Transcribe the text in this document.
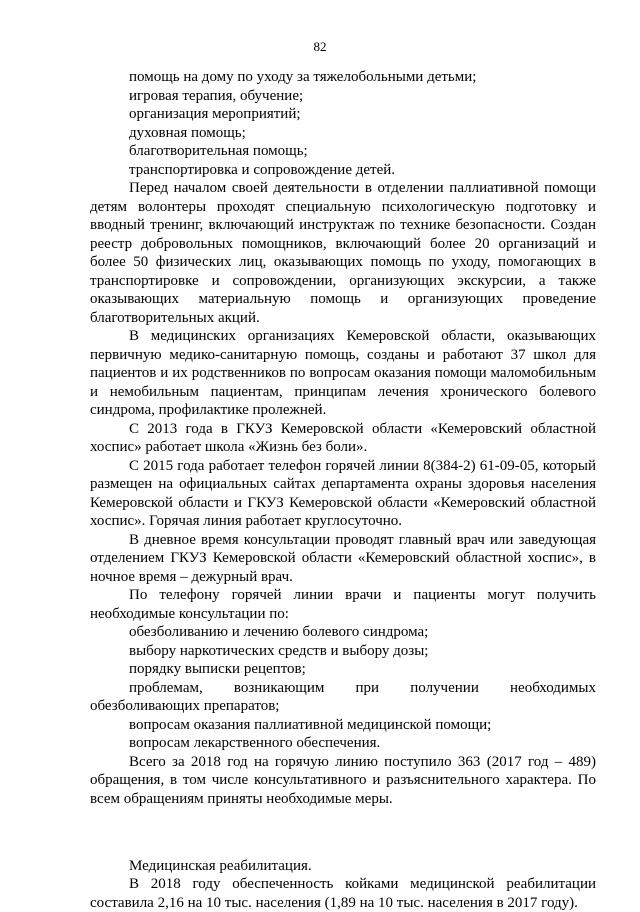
82

помощь на дому по уходу за тяжелобольными детьми;

игровая терапия, обучение;

организация мероприятий;

духовная помощь;

благотворительная помощь;

транспортировка и сопровождение детей.

Перед началом своей деятельности в отделении паллиативной помощи детям волонтеры проходят специальную психологическую подготовку и вводный тренинг, включающий инструктаж по технике безопасности. Создан реестр добровольных помощников, включающий более 20 организаций и более 50 физических лиц, оказывающих помощь по уходу, помогающих в транспортировке и сопровождении, организующих экскурсии, а также оказывающих материальную помощь и организующих проведение благотворительных акций.

В медицинских организациях Кемеровской области, оказывающих первичную медико-санитарную помощь, созданы и работают 37 школ для пациентов и их родственников по вопросам оказания помощи маломобильным и немобильным пациентам, принципам лечения хронического болевого синдрома, профилактике пролежней.

С 2013 года в ГКУЗ Кемеровской области «Кемеровский областной хоспис» работает школа «Жизнь без боли».

С 2015 года работает телефон горячей линии 8(384-2) 61-09-05, который размещен на официальных сайтах департамента охраны здоровья населения Кемеровской области и ГКУЗ Кемеровской области «Кемеровский областной хоспис». Горячая линия работает круглосуточно.

В дневное время консультации проводят главный врач или заведующая отделением ГКУЗ Кемеровской области «Кемеровский областной хоспис», в ночное время – дежурный врач.

По телефону горячей линии врачи и пациенты могут получить необходимые консультации по:

обезболиванию и лечению болевого синдрома;

выбору наркотических средств и выбору дозы;

порядку выписки рецептов;

проблемам, возникающим при получении необходимых обезболивающих препаратов;

вопросам оказания паллиативной медицинской помощи;

вопросам лекарственного обеспечения.

Всего за 2018 год на горячую линию поступило 363 (2017 год – 489) обращения, в том числе консультативного и разъяснительного характера. По всем обращениям приняты необходимые меры.

Медицинская реабилитация.

В 2018 году обеспеченность койками медицинской реабилитации составила 2,16 на 10 тыс. населения (1,89 на 10 тыс. населения в 2017 году).
